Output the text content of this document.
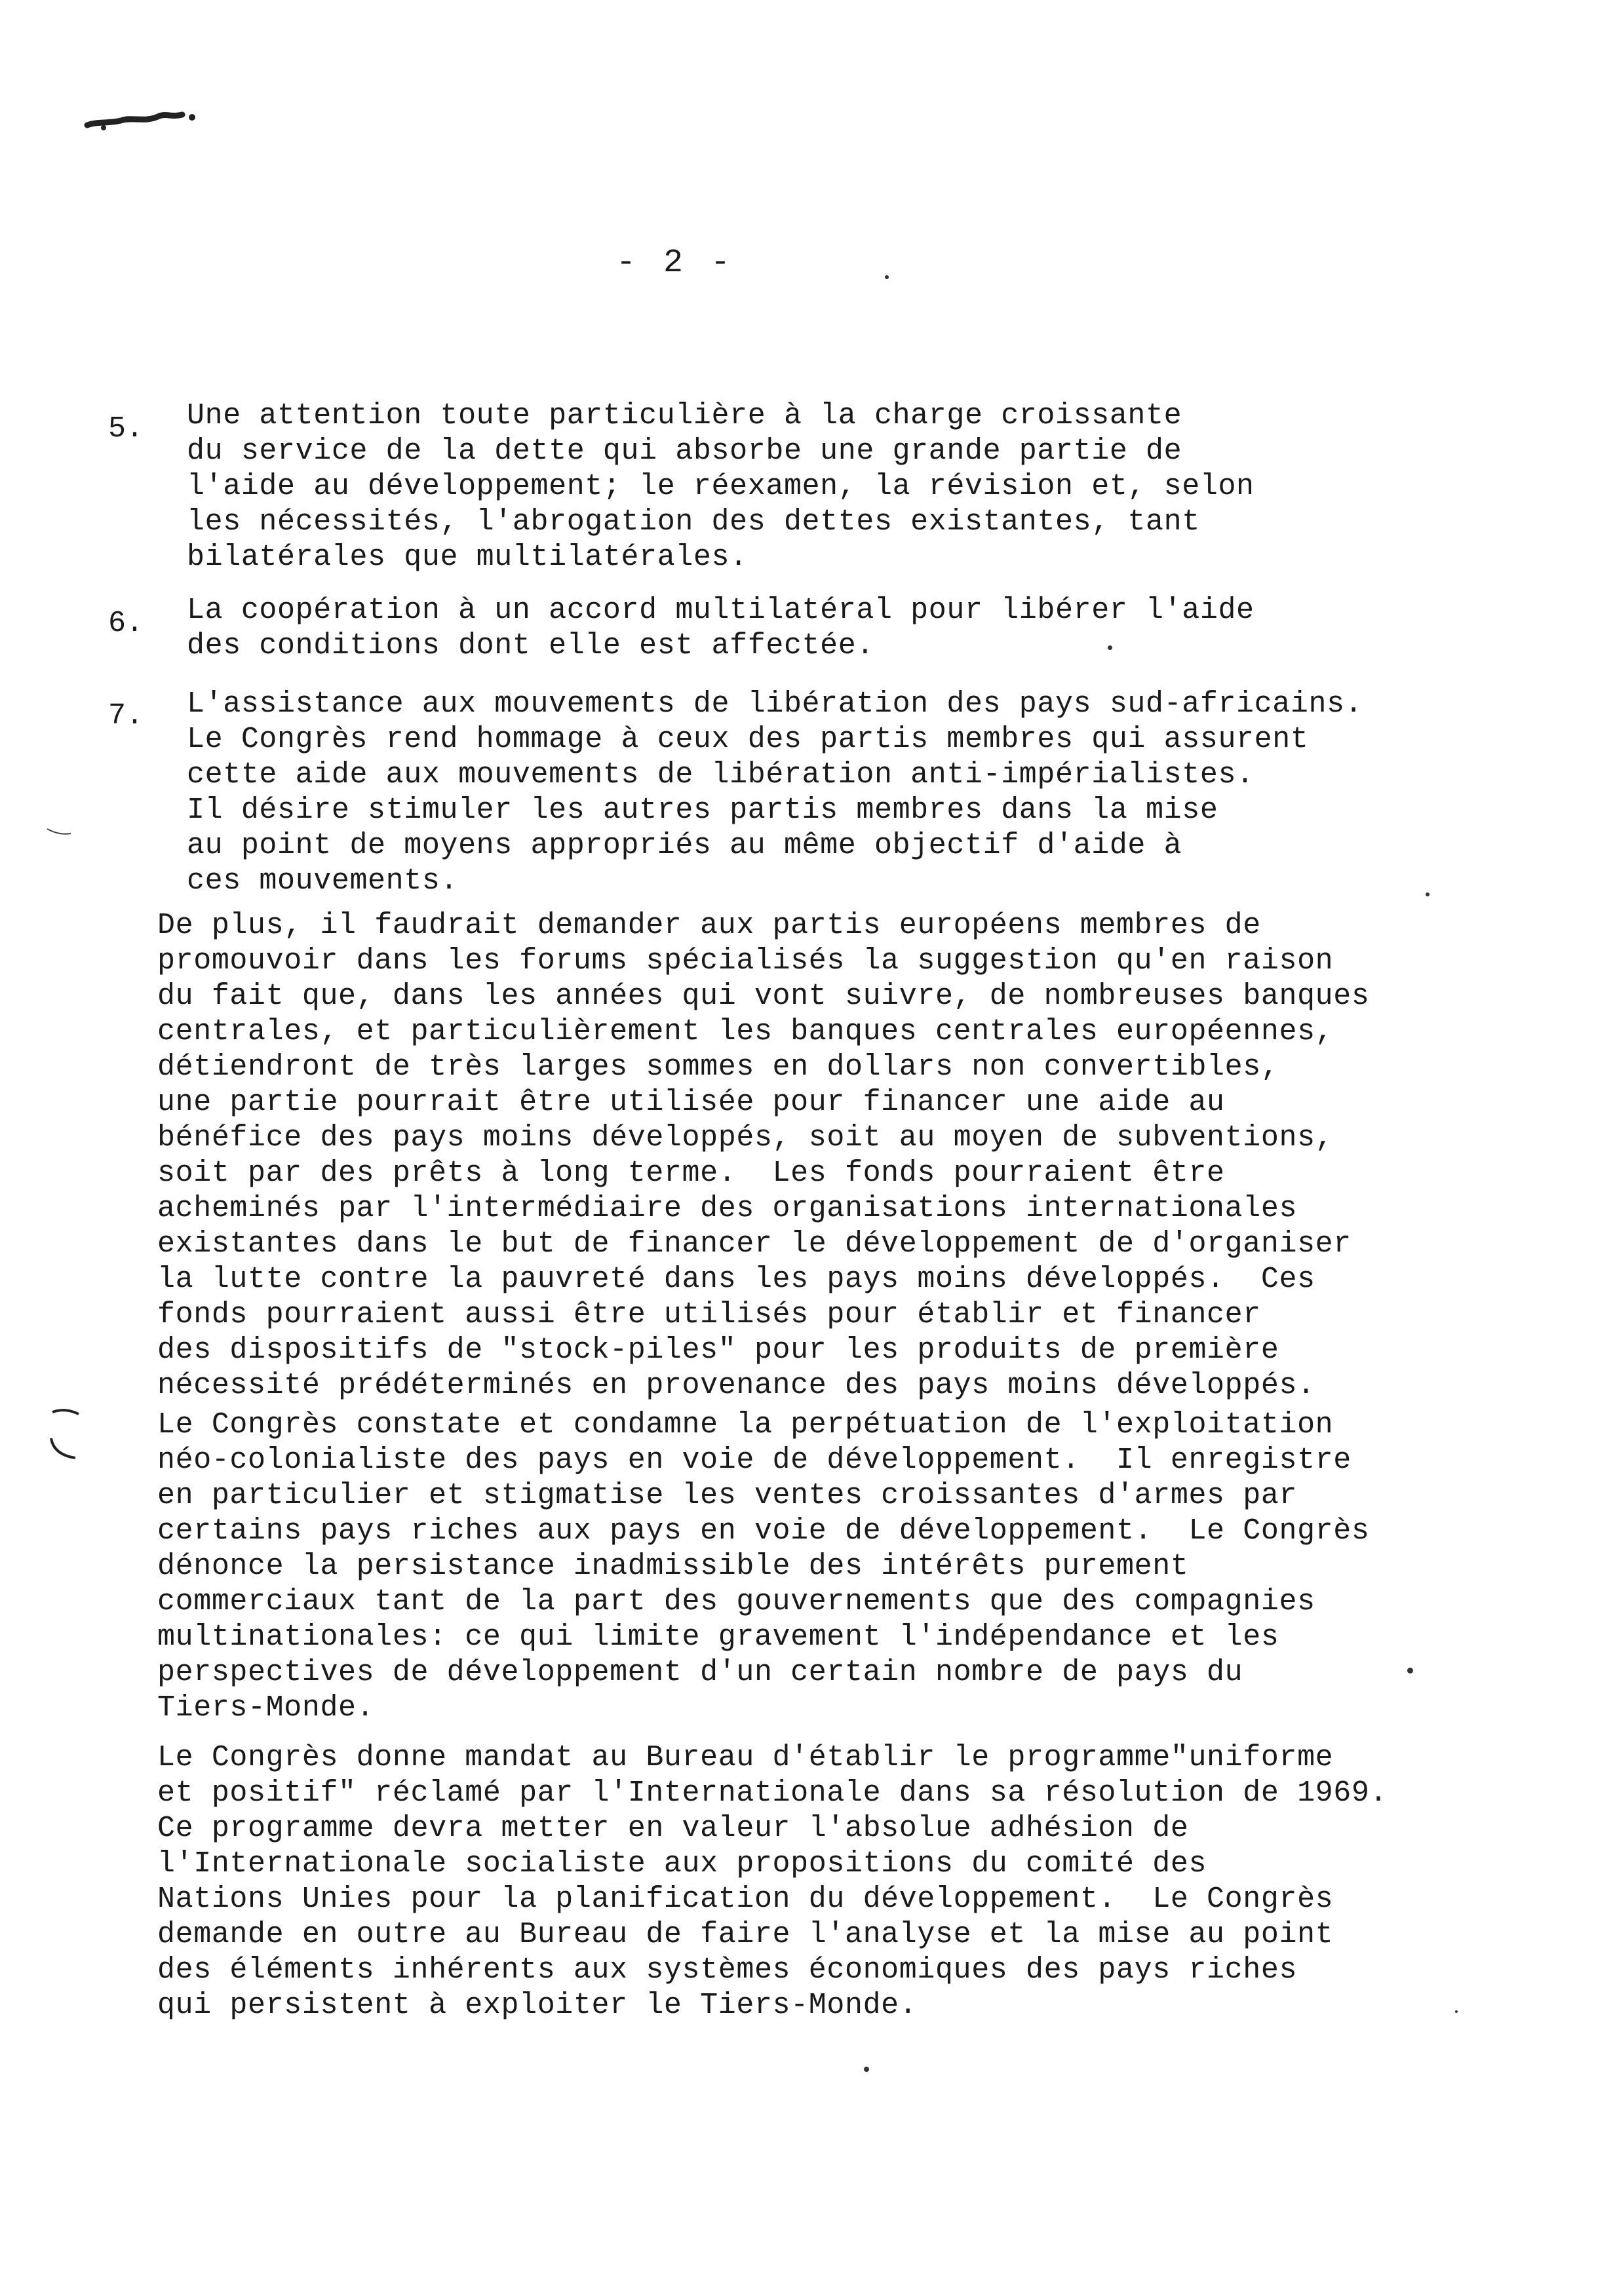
- 2 -
5.	Une attention toute particulière à la charge croissante
du service de la dette qui absorbe une grande partie de
l'aide au développement; le réexamen, la révision et, selon
les nécessités, l'abrogation des dettes existantes, tant
bilatérales que multilatérales.
6.	La coopération à un accord multilatéral pour libérer l'aide
des conditions dont elle est affectée.
7.	L'assistance aux mouvements de libération des pays sud-africains.
Le Congrès rend hommage à ceux des partis membres qui assurent
cette aide aux mouvements de libération anti-impérialistes.
Il désire stimuler les autres partis membres dans la mise
au point de moyens appropriés au même objectif d'aide à
ces mouvements.
De plus, il faudrait demander aux partis européens membres de
promouvoir dans les forums spécialisés la suggestion qu'en raison
du fait que, dans les années qui vont suivre, de nombreuses banques
centrales, et particulièrement les banques centrales européennes,
détiendront de très larges sommes en dollars non convertibles,
une partie pourrait être utilisée pour financer une aide au
bénéfice des pays moins développés, soit au moyen de subventions,
soit par des prêts à long terme.  Les fonds pourraient être
acheminés par l'intermédiaire des organisations internationales
existantes dans le but de financer le développement de d'organiser
la lutte contre la pauvreté dans les pays moins développés.  Ces
fonds pourraient aussi être utilisés pour établir et financer
des dispositifs de "stock-piles" pour les produits de première
nécessité prédéterminés en provenance des pays moins développés.
Le Congrès constate et condamne la perpétuation de l'exploitation
néo-colonialiste des pays en voie de développement.  Il enregistre
en particulier et stigmatise les ventes croissantes d'armes par
certains pays riches aux pays en voie de développement.  Le Congrès
dénonce la persistance inadmissible des intérêts purement
commerciaux tant de la part des gouvernements que des compagnies
multinationales: ce qui limite gravement l'indépendance et les
perspectives de développement d'un certain nombre de pays du
Tiers-Monde.
Le Congrès donne mandat au Bureau d'établir le programme"uniforme
et positif" réclamé par l'Internationale dans sa résolution de 1969.
Ce programme devra metter en valeur l'absolue adhésion de
l'Internationale socialiste aux propositions du comité des
Nations Unies pour la planification du développement.  Le Congrès
demande en outre au Bureau de faire l'analyse et la mise au point
des éléments inhérents aux systèmes économiques des pays riches
qui persistent à exploiter le Tiers-Monde.
